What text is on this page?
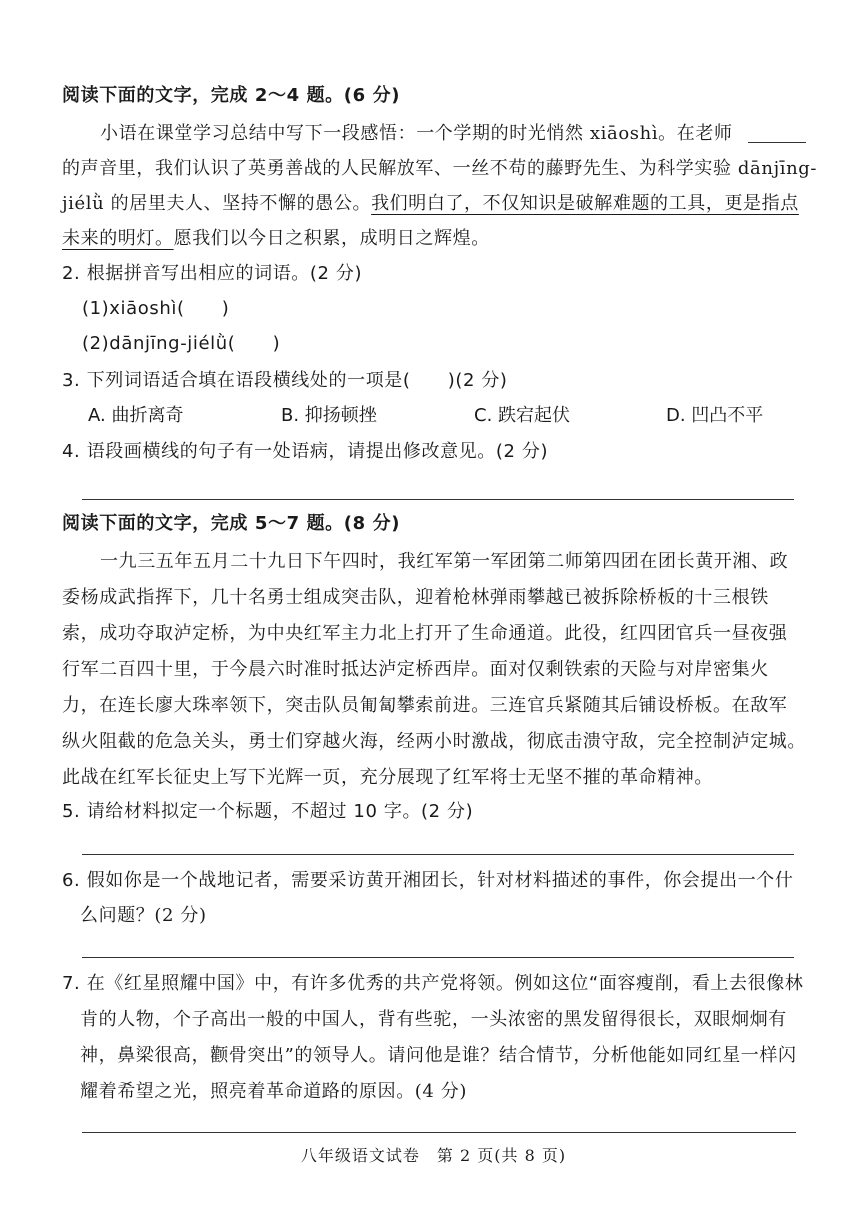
阅读下面的文字，完成 2～4 题。(6 分)
小语在课堂学习总结中写下一段感悟：一个学期的时光悄然 xiāoshì。在老师
的声音里，我们认识了英勇善战的人民解放军、一丝不苟的藤野先生、为科学实验 dānjīng-
jiélǜ 的居里夫人、坚持不懈的愚公。我们明白了，不仅知识是破解难题的工具，更是指点
未来的明灯。愿我们以今日之积累，成明日之辉煌。
2. 根据拼音写出相应的词语。(2 分)
(1)xiāoshì(　　)
(2)dānjīng-jiélǜ(　　)
3. 下列词语适合填在语段横线处的一项是(　　)(2 分)
A. 曲折离奇	B. 抑扬顿挫	C. 跌宕起伏	D. 凹凸不平
4. 语段画横线的句子有一处语病，请提出修改意见。(2 分)
阅读下面的文字，完成 5～7 题。(8 分)
一九三五年五月二十九日下午四时，我红军第一军团第二师第四团在团长黄开湘、政
委杨成武指挥下，几十名勇士组成突击队，迎着枪林弹雨攀越已被拆除桥板的十三根铁
索，成功夺取泸定桥，为中央红军主力北上打开了生命通道。此役，红四团官兵一昼夜强
行军二百四十里，于今晨六时准时抵达泸定桥西岸。面对仅剩铁索的天险与对岸密集火
力，在连长廖大珠率领下，突击队员匍匐攀索前进。三连官兵紧随其后铺设桥板。在敌军
纵火阻截的危急关头，勇士们穿越火海，经两小时激战，彻底击溃守敌，完全控制泸定城。
此战在红军长征史上写下光辉一页，充分展现了红军将士无坚不摧的革命精神。
5. 请给材料拟定一个标题，不超过 10 字。(2 分)
6. 假如你是一个战地记者，需要采访黄开湘团长，针对材料描述的事件，你会提出一个什
么问题？(2 分)
7. 在《红星照耀中国》中，有许多优秀的共产党将领。例如这位“面容瘦削，看上去很像林
肯的人物，个子高出一般的中国人，背有些驼，一头浓密的黑发留得很长，双眼炯炯有
神，鼻梁很高，颧骨突出”的领导人。请问他是谁？结合情节，分析他能如同红星一样闪
耀着希望之光，照亮着革命道路的原因。(4 分)
八年级语文试卷　第 2 页(共 8 页)
